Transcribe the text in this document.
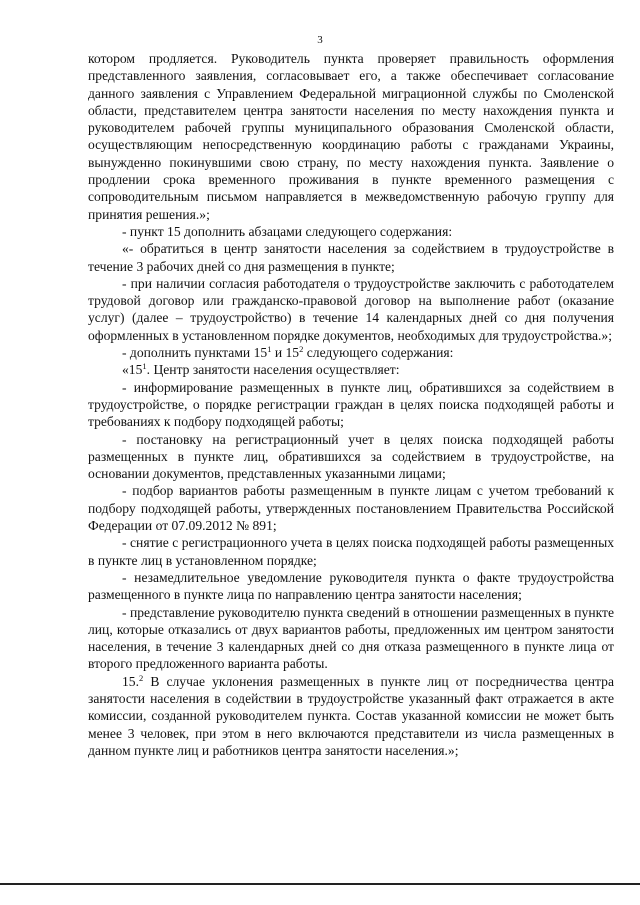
3

котором продляется. Руководитель пункта проверяет правильность оформления представленного заявления, согласовывает его, а также обеспечивает согласование данного заявления с Управлением Федеральной миграционной службы по Смоленской области, представителем центра занятости населения по месту нахождения пункта и руководителем рабочей группы муниципального образования Смоленской области, осуществляющим непосредственную координацию работы с гражданами Украины, вынужденно покинувшими свою страну, по месту нахождения пункта. Заявление о продлении срока временного проживания в пункте временного размещения с сопроводительным письмом направляется в межведомственную рабочую группу для принятия решения.»;

- пункт 15 дополнить абзацами следующего содержания:

«- обратиться в центр занятости населения за содействием в трудоустройстве в течение 3 рабочих дней со дня размещения в пункте;

- при наличии согласия работодателя о трудоустройстве заключить с работодателем трудовой договор или гражданско-правовой договор на выполнение работ (оказание услуг) (далее – трудоустройство) в течение 14 календарных дней со дня получения оформленных в установленном порядке документов, необходимых для трудоустройства.»;

- дополнить пунктами $15^1$ и $15^2$ следующего содержания:

«$15^1$. Центр занятости населения осуществляет:

- информирование размещенных в пункте лиц, обратившихся за содействием в трудоустройстве, о порядке регистрации граждан в целях поиска подходящей работы и требованиях к подбору подходящей работы;

- постановку на регистрационный учет в целях поиска подходящей работы размещенных в пункте лиц, обратившихся за содействием в трудоустройстве, на основании документов, представленных указанными лицами;

- подбор вариантов работы размещенным в пункте лицам с учетом требований к подбору подходящей работы, утвержденных постановлением Правительства Российской Федерации от 07.09.2012 № 891;

- снятие с регистрационного учета в целях поиска подходящей работы размещенных в пункте лиц в установленном порядке;

- незамедлительное уведомление руководителя пункта о факте трудоустройства размещенного в пункте лица по направлению центра занятости населения;

- представление руководителю пункта сведений в отношении размещенных в пункте лиц, которые отказались от двух вариантов работы, предложенных им центром занятости населения, в течение 3 календарных дней со дня отказа размещенного в пункте лица от второго предложенного варианта работы.

15.$^2$ В случае уклонения размещенных в пункте лиц от посредничества центра занятости населения в содействии в трудоустройстве указанный факт отражается в акте комиссии, созданной руководителем пункта. Состав указанной комиссии не может быть менее 3 человек, при этом в него включаются представители из числа размещенных в данном пункте лиц и работников центра занятости населения.»;
